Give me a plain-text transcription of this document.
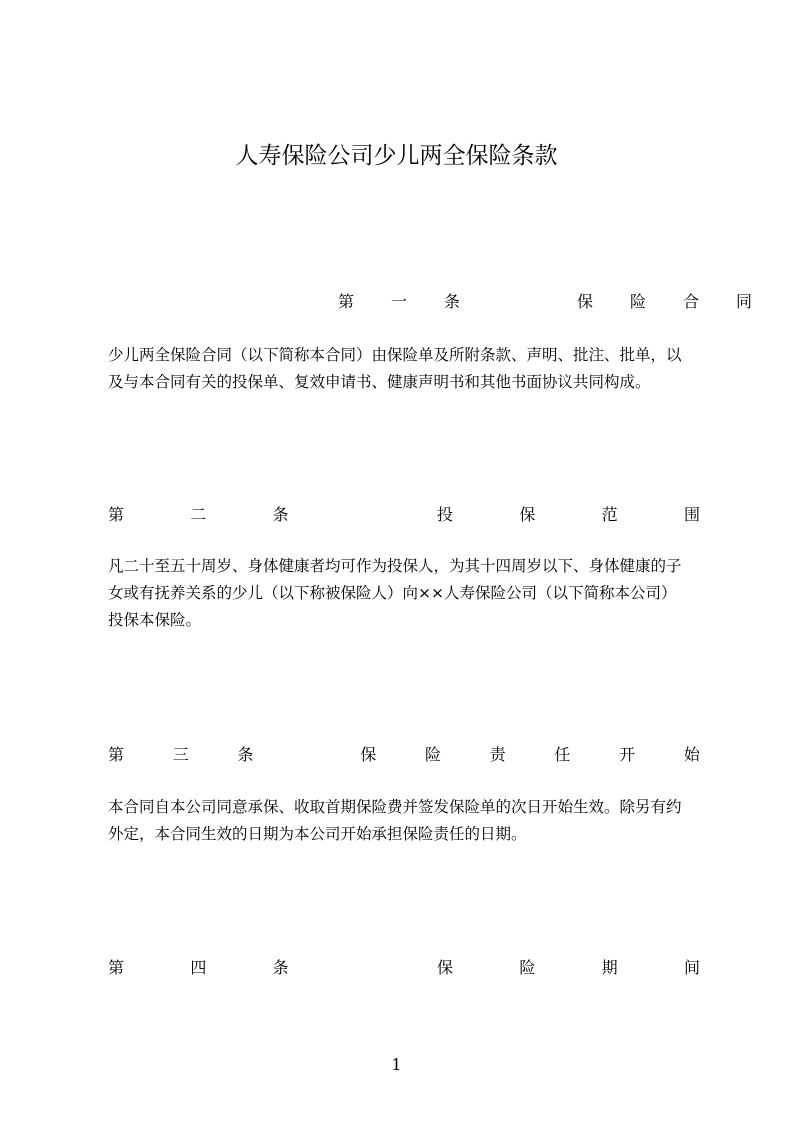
人寿保险公司少儿两全保险条款
第 一 条	保 险 合 同
少儿两全保险合同（以下简称本合同）由保险单及所附条款、声明、批注、批单，以
及与本合同有关的投保单、复效申请书、健康声明书和其他书面协议共同构成。
第	二	条	投	保	范	围
凡二十至五十周岁、身体健康者均可作为投保人，为其十四周岁以下、身体健康的子
女或有抚养关系的少儿（以下称被保险人）向××人寿保险公司（以下简称本公司）
投保本保险。
第	三	条	保	险	责	任	开	始
本合同自本公司同意承保、收取首期保险费并签发保险单的次日开始生效。除另有约
外定，本合同生效的日期为本公司开始承担保险责任的日期。
第	四	条	保	险	期	间
1
